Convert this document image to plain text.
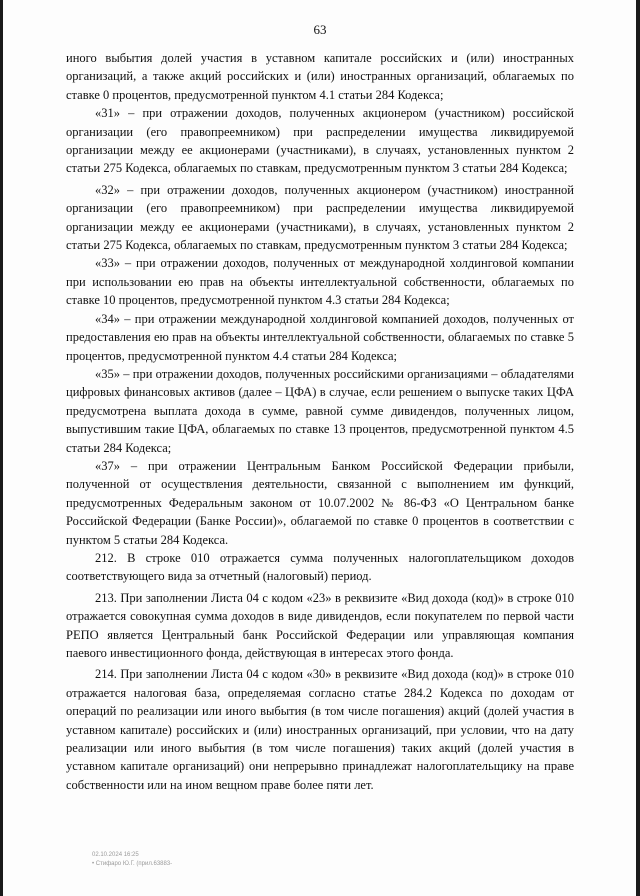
63

иного выбытия долей участия в уставном капитале российских и (или) иностранных организаций, а также акций российских и (или) иностранных организаций, облагаемых по ставке 0 процентов, предусмотренной пунктом 4.1 статьи 284 Кодекса;

«31» – при отражении доходов, полученных акционером (участником) российской организации (его правопреемником) при распределении имущества ликвидируемой организации между ее акционерами (участниками), в случаях, установленных пунктом 2 статьи 275 Кодекса, облагаемых по ставкам, предусмотренным пунктом 3 статьи 284 Кодекса;

«32» – при отражении доходов, полученных акционером (участником) иностранной организации (его правопреемником) при распределении имущества ликвидируемой организации между ее акционерами (участниками), в случаях, установленных пунктом 2 статьи 275 Кодекса, облагаемых по ставкам, предусмотренным пунктом 3 статьи 284 Кодекса;

«33» – при отражении доходов, полученных от международной холдинговой компании при использовании ею прав на объекты интеллектуальной собственности, облагаемых по ставке 10 процентов, предусмотренной пунктом 4.3 статьи 284 Кодекса;

«34» – при отражении международной холдинговой компанией доходов, полученных от предоставления ею прав на объекты интеллектуальной собственности, облагаемых по ставке 5 процентов, предусмотренной пунктом 4.4 статьи 284 Кодекса;

«35» – при отражении доходов, полученных российскими организациями – обладателями цифровых финансовых активов (далее – ЦФА) в случае, если решением о выпуске таких ЦФА предусмотрена выплата дохода в сумме, равной сумме дивидендов, полученных лицом, выпустившим такие ЦФА, облагаемых по ставке 13 процентов, предусмотренной пунктом 4.5 статьи 284 Кодекса;

«37» – при отражении Центральным Банком Российской Федерации прибыли, полученной от осуществления деятельности, связанной с выполнением им функций, предусмотренных Федеральным законом от 10.07.2002 № 86-ФЗ «О Центральном банке Российской Федерации (Банке России)», облагаемой по ставке 0 процентов в соответствии с пунктом 5 статьи 284 Кодекса.

212. В строке 010 отражается сумма полученных налогоплательщиком доходов соответствующего вида за отчетный (налоговый) период.

213. При заполнении Листа 04 с кодом «23» в реквизите «Вид дохода (код)» в строке 010 отражается совокупная сумма доходов в виде дивидендов, если покупателем по первой части РЕПО является Центральный банк Российской Федерации или управляющая компания паевого инвестиционного фонда, действующая в интересах этого фонда.

214. При заполнении Листа 04 с кодом «30» в реквизите «Вид дохода (код)» в строке 010 отражается налоговая база, определяемая согласно статье 284.2 Кодекса по доходам от операций по реализации или иного выбытия (в том числе погашения) акций (долей участия в уставном капитале) российских и (или) иностранных организаций, при условии, что на дату реализации или иного выбытия (в том числе погашения) таких акций (долей участия в уставном капитале организаций) они непрерывно принадлежат налогоплательщику на праве собственности или на ином вещном праве более пяти лет.

02.10.2024 16:25
• Стифаро Ю.Г. (прил.63883-
